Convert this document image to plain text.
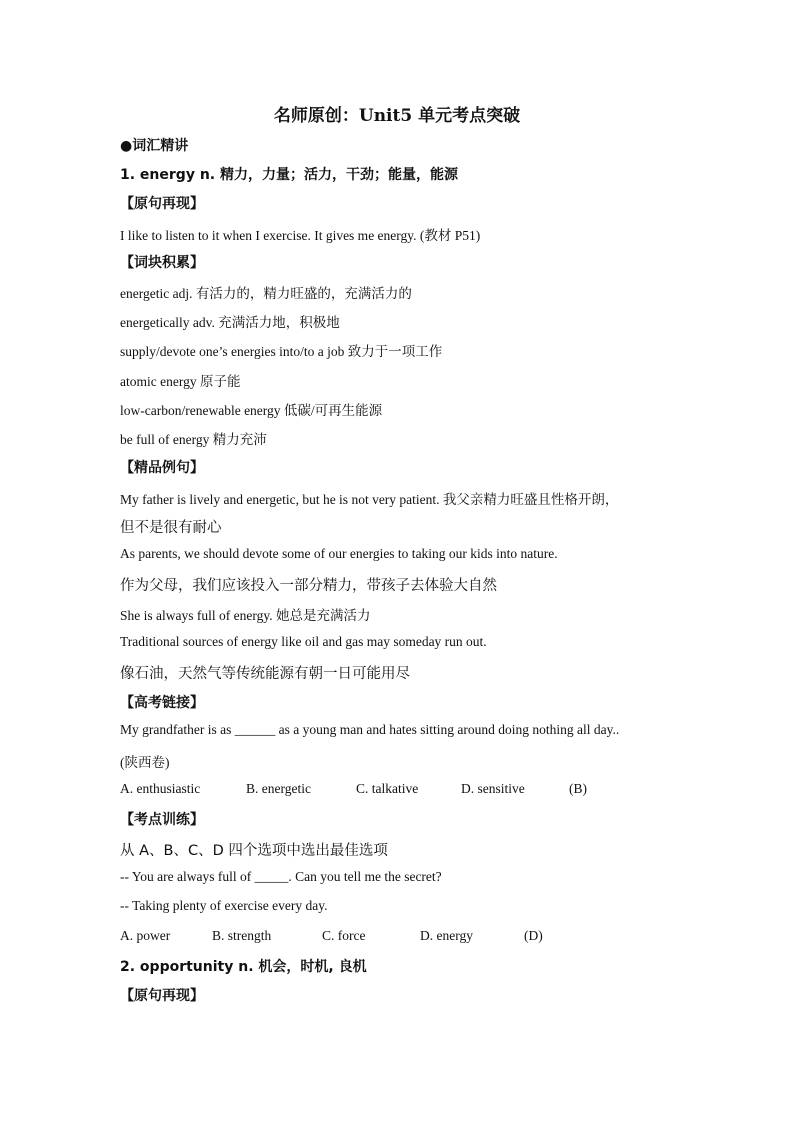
名师原创：Unit5 单元考点突破
●词汇精讲
1. energy n. 精力，力量；活力，干劲；能量，能源
【原句再现】
I like to listen to it when I exercise. It gives me energy. (教材 P51)
【词块积累】
energetic adj. 有活力的，精力旺盛的，充满活力的
energetically adv. 充满活力地，积极地
supply/devote one’s energies into/to a job 致力于一项工作
atomic energy 原子能
low-carbon/renewable energy 低碳/可再生能源
be full of energy 精力充沛
【精品例句】
My father is lively and energetic, but he is not very patient. 我父亲精力旺盛且性格开朗，
但不是很有耐心
As parents, we should devote some of our energies to taking our kids into nature.
作为父母，我们应该投入一部分精力，带孩子去体验大自然
She is always full of energy. 她总是充满活力
Traditional sources of energy like oil and gas may someday run out.
像石油，天然气等传统能源有朝一日可能用尽
【高考链接】
My grandfather is as ______ as a young man and hates sitting around doing nothing all day..
(陕西卷)
A. enthusiastic	B. energetic	C. talkative	D. sensitive	(B)
【考点训练】
从 A、B、C、D 四个选项中选出最佳选项
-- You are always full of _____. Can you tell me the secret?
-- Taking plenty of exercise every day.
A. power	B. strength	C. force	D. energy	(D)
2. opportunity n. 机会，时机, 良机
【原句再现】
